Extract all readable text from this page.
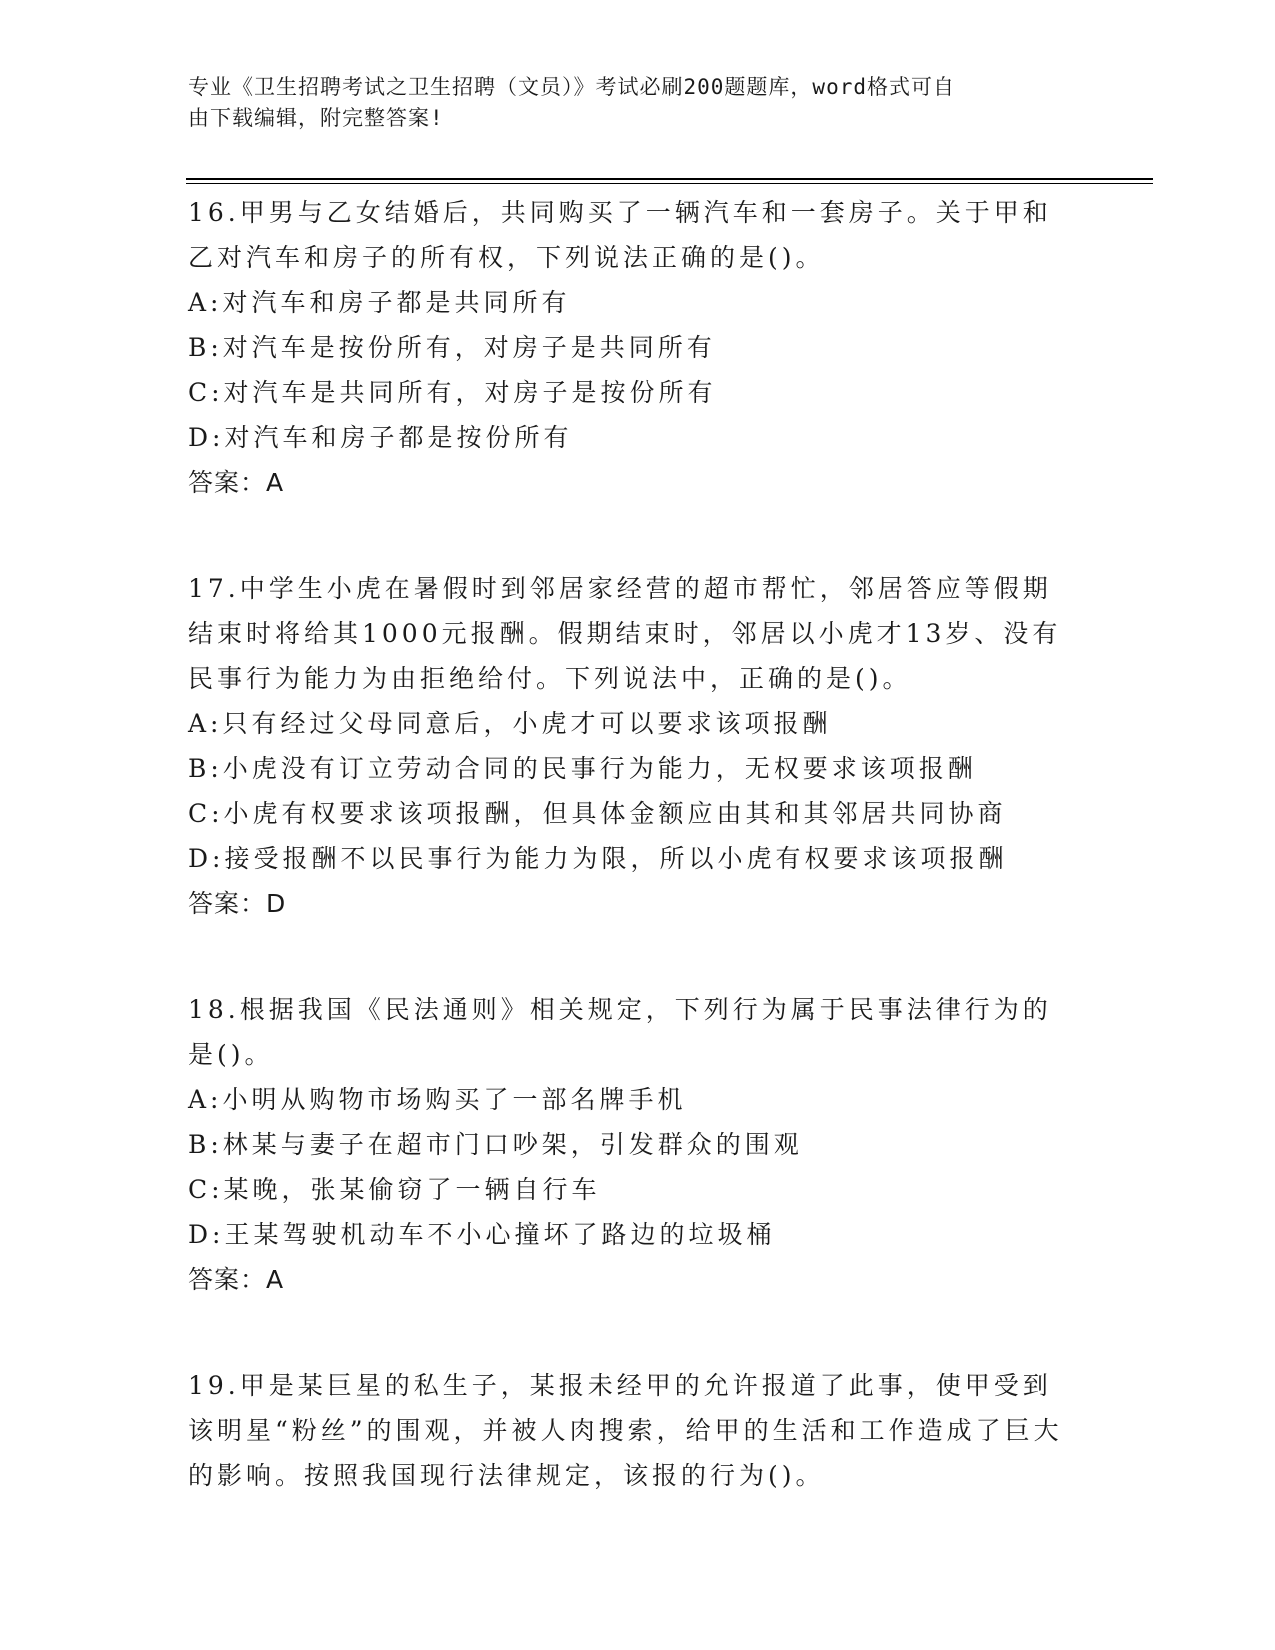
专业《卫生招聘考试之卫生招聘（文员）》考试必刷200题题库，word格式可自
由下载编辑，附完整答案!

16.甲男与乙女结婚后，共同购买了一辆汽车和一套房子。关于甲和乙对汽车和房子的所有权，下列说法正确的是()。

A:对汽车和房子都是共同所有

B:对汽车是按份所有，对房子是共同所有

C:对汽车是共同所有，对房子是按份所有

D:对汽车和房子都是按份所有

答案：A

17.中学生小虎在暑假时到邻居家经营的超市帮忙，邻居答应等假期结束时将给其1000元报酬。假期结束时，邻居以小虎才13岁、没有民事行为能力为由拒绝给付。下列说法中，正确的是()。

A:只有经过父母同意后，小虎才可以要求该项报酬

B:小虎没有订立劳动合同的民事行为能力，无权要求该项报酬

C:小虎有权要求该项报酬，但具体金额应由其和其邻居共同协商

D:接受报酬不以民事行为能力为限，所以小虎有权要求该项报酬

答案：D

18.根据我国《民法通则》相关规定，下列行为属于民事法律行为的是()。

A:小明从购物市场购买了一部名牌手机

B:林某与妻子在超市门口吵架，引发群众的围观

C:某晚，张某偷窃了一辆自行车

D:王某驾驶机动车不小心撞坏了路边的垃圾桶

答案：A

19.甲是某巨星的私生子，某报未经甲的允许报道了此事，使甲受到该明星“粉丝”的围观，并被人肉搜索，给甲的生活和工作造成了巨大的影响。按照我国现行法律规定，该报的行为()。
